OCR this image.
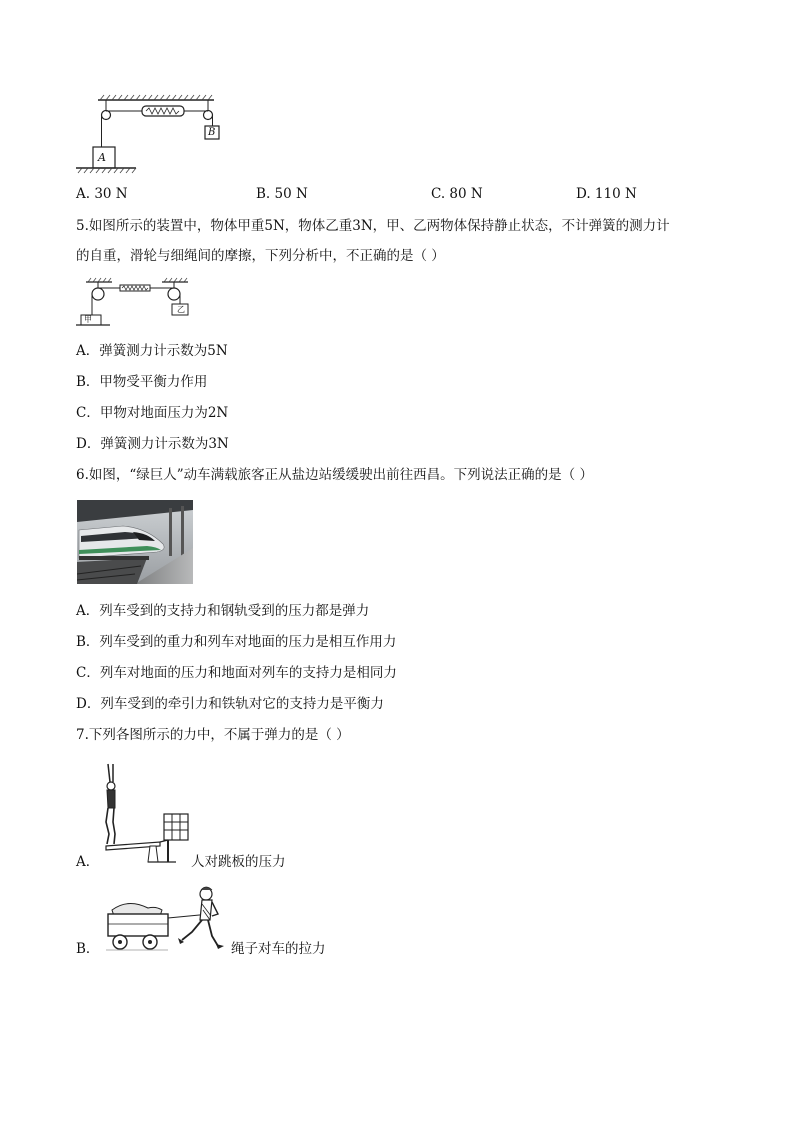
A
B
A. 30 N	B. 50 N	C. 80 N	D. 110 N
5.如图所示的装置中，物体甲重5N，物体乙重3N，甲、乙两物体保持静止状态，不计弹簧的测力计
的自重，滑轮与细绳间的摩擦，下列分析中，不正确的是（ ）
甲
乙
A．弹簧测力计示数为5N
B．甲物受平衡力作用
C．甲物对地面压力为2N
D．弹簧测力计示数为3N
6.如图，“绿巨人”动车满载旅客正从盐边站缓缓驶出前往西昌。下列说法正确的是（ ）
A．列车受到的支持力和钢轨受到的压力都是弹力
B．列车受到的重力和列车对地面的压力是相互作用力
C．列车对地面的压力和地面对列车的支持力是相同力
D．列车受到的牵引力和铁轨对它的支持力是平衡力
7.下列各图所示的力中，不属于弹力的是（ ）
A．	人对跳板的压力
B．	绳子对车的拉力
